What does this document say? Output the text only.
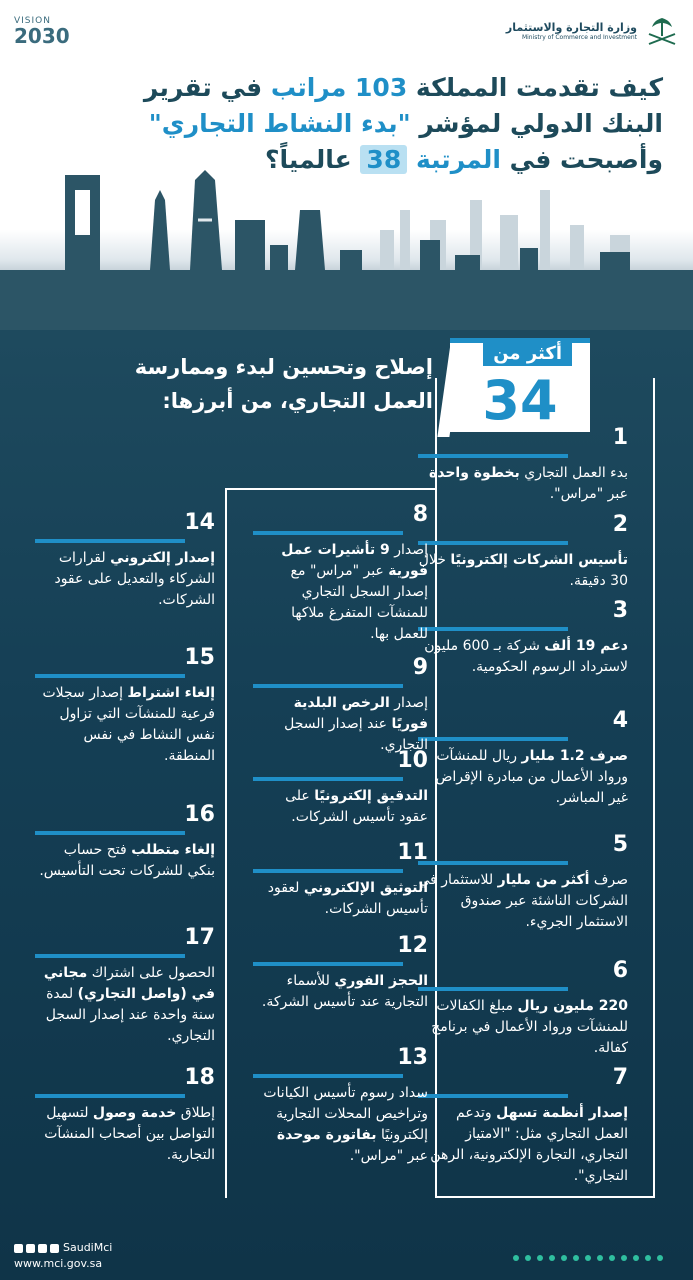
VISION
2030	وزارة التجارة والاستثمار
Ministry of Commerce and Investment
كيف تقدمت المملكة 103 مراتب في تقرير
البنك الدولي لمؤشر "بدء النشاط التجاري"
وأصبحت في المرتبة 38 عالمياً؟
أكثر من
34
إصلاح وتحسين لبدء وممارسة
العمل التجاري، من أبرزها:
1
بدء العمل التجاري بخطوة واحدة عبر "مراس".
2
تأسيس الشركات إلكترونيًا خلال 30 دقيقة.
3
دعم 19 ألف شركة بـ 600 مليون لاسترداد الرسوم الحكومية.
4
صرف 1.2 مليار ريال للمنشآت ورواد الأعمال من مبادرة الإقراض غير المباشر.
5
صرف أكثر من مليار للاستثمار في الشركات الناشئة عبر صندوق الاستثمار الجريء.
6
220 مليون ريال مبلغ الكفالات للمنشآت ورواد الأعمال في برنامج كفالة.
7
إصدار أنظمة تسهل وتدعم العمل التجاري مثل: "الامتياز التجاري، التجارة الإلكترونية، الرهن التجاري".
8
إصدار 9 تأشيرات عمل فورية عبر "مراس" مع إصدار السجل التجاري للمنشآت المتفرغ ملاكها للعمل بها.
9
إصدار الرخص البلدية فوريًا عند إصدار السجل التجاري.
10
التدقيق إلكترونيًا على عقود تأسيس الشركات.
11
التوثيق الإلكتروني لعقود تأسيس الشركات.
12
الحجز الفوري للأسماء التجارية عند تأسيس الشركة.
13
سداد رسوم تأسيس الكيانات وتراخيص المحلات التجارية إلكترونيًا بفاتورة موحدة عبر "مراس".
14
إصدار إلكتروني لقرارات الشركاء والتعديل على عقود الشركات.
15
إلغاء اشتراط إصدار سجلات فرعية للمنشآت التي تزاول نفس النشاط في نفس المنطقة.
16
إلغاء متطلب فتح حساب بنكي للشركات تحت التأسيس.
17
الحصول على اشتراك مجاني في (واصل التجاري) لمدة سنة واحدة عند إصدار السجل التجاري.
18
إطلاق خدمة وصول لتسهيل التواصل بين أصحاب المنشآت التجارية.
SaudiMci
www.mci.gov.sa
